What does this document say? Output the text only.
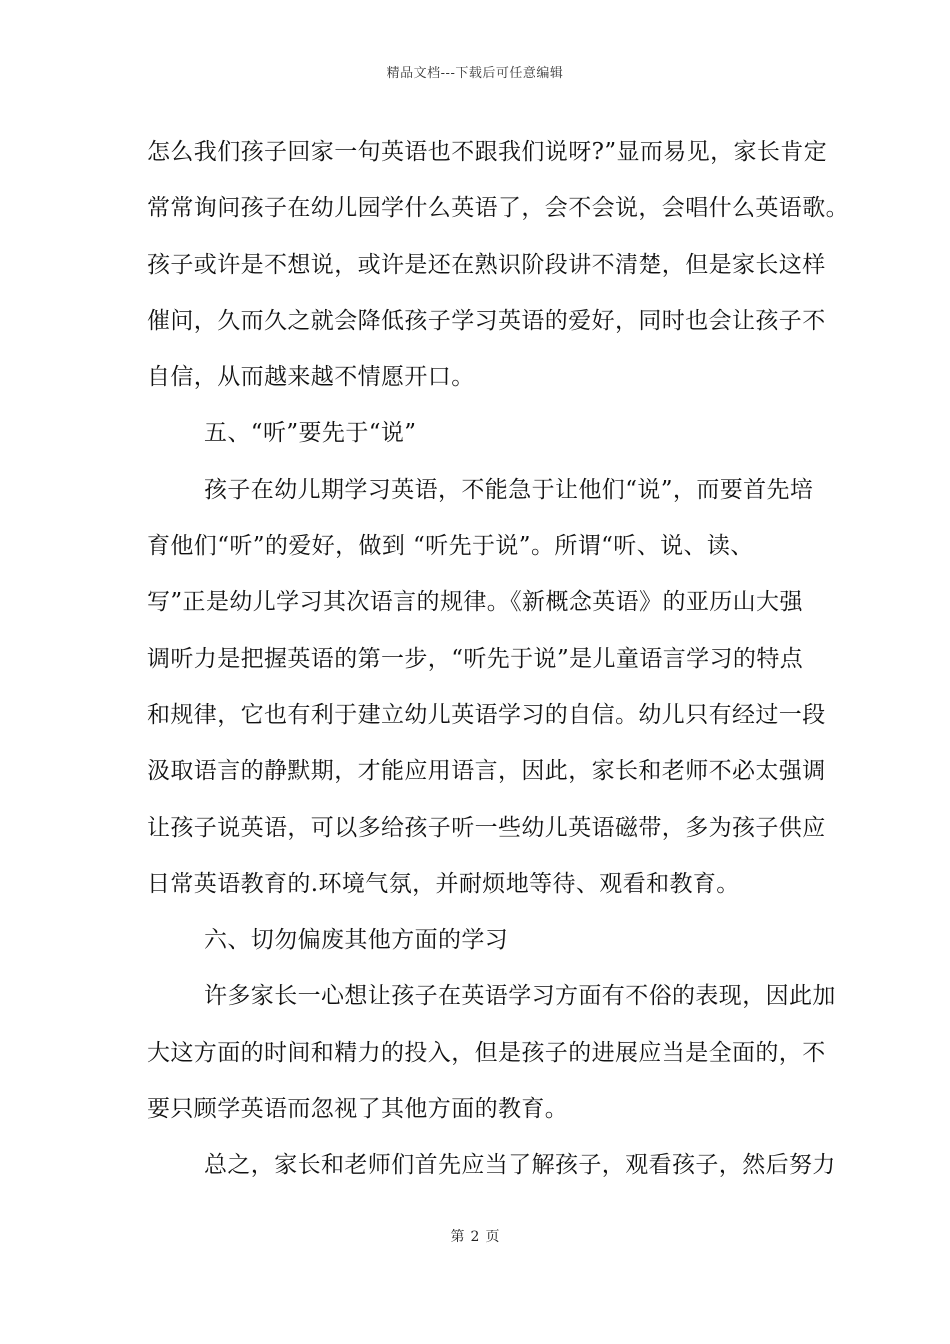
精品文档---下载后可任意编辑
怎么我们孩子回家一句英语也不跟我们说呀?”显而易见，家长肯定
常常询问孩子在幼儿园学什么英语了，会不会说，会唱什么英语歌。
孩子或许是不想说，或许是还在熟识阶段讲不清楚，但是家长这样
催问，久而久之就会降低孩子学习英语的爱好，同时也会让孩子不
自信，从而越来越不情愿开口。
五、“听”要先于“说”
孩子在幼儿期学习英语，不能急于让他们“说”，而要首先培
育他们“听”的爱好，做到 “听先于说”。所谓“听、说、读、
写”正是幼儿学习其次语言的规律。《新概念英语》的亚历山大强
调听力是把握英语的第一步，“听先于说”是儿童语言学习的特点
和规律，它也有利于建立幼儿英语学习的自信。幼儿只有经过一段
汲取语言的静默期，才能应用语言，因此，家长和老师不必太强调
让孩子说英语，可以多给孩子听一些幼儿英语磁带，多为孩子供应
日常英语教育的.环境气氛，并耐烦地等待、观看和教育。
六、切勿偏废其他方面的学习
许多家长一心想让孩子在英语学习方面有不俗的表现，因此加
大这方面的时间和精力的投入，但是孩子的进展应当是全面的，不
要只顾学英语而忽视了其他方面的教育。
总之，家长和老师们首先应当了解孩子，观看孩子，然后努力
第 2 页
